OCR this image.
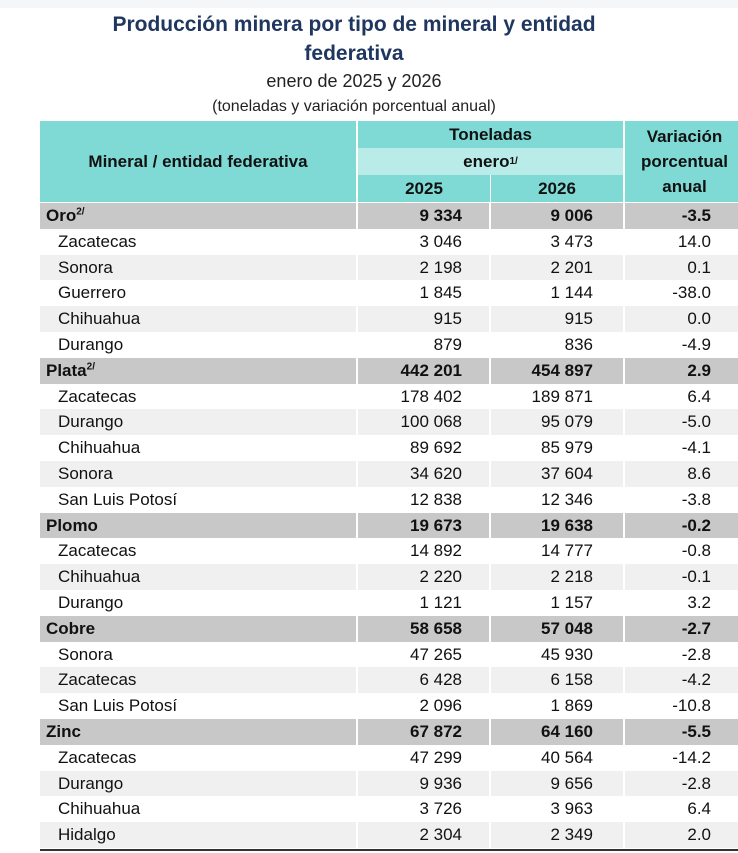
Producción minera por tipo de mineral y entidad
federativa
enero de 2025 y 2026
(toneladas y variación porcentual anual)
Mineral / entidad federativa
Toneladas
enero 1/
2025	2026
Variación
porcentual
anual
Oro$^{2/}$	9 334	9 006	-3.5
Zacatecas	3 046	3 473	14.0
Sonora	2 198	2 201	0.1
Guerrero	1 845	1 144	-38.0
Chihuahua	915	915	0.0
Durango	879	836	-4.9
Plata$^{2/}$	442 201	454 897	2.9
Zacatecas	178 402	189 871	6.4
Durango	100 068	95 079	-5.0
Chihuahua	89 692	85 979	-4.1
Sonora	34 620	37 604	8.6
San Luis Potosí	12 838	12 346	-3.8
Plomo	19 673	19 638	-0.2
Zacatecas	14 892	14 777	-0.8
Chihuahua	2 220	2 218	-0.1
Durango	1 121	1 157	3.2
Cobre	58 658	57 048	-2.7
Sonora	47 265	45 930	-2.8
Zacatecas	6 428	6 158	-4.2
San Luis Potosí	2 096	1 869	-10.8
Zinc	67 872	64 160	-5.5
Zacatecas	47 299	40 564	-14.2
Durango	9 936	9 656	-2.8
Chihuahua	3 726	3 963	6.4
Hidalgo	2 304	2 349	2.0
